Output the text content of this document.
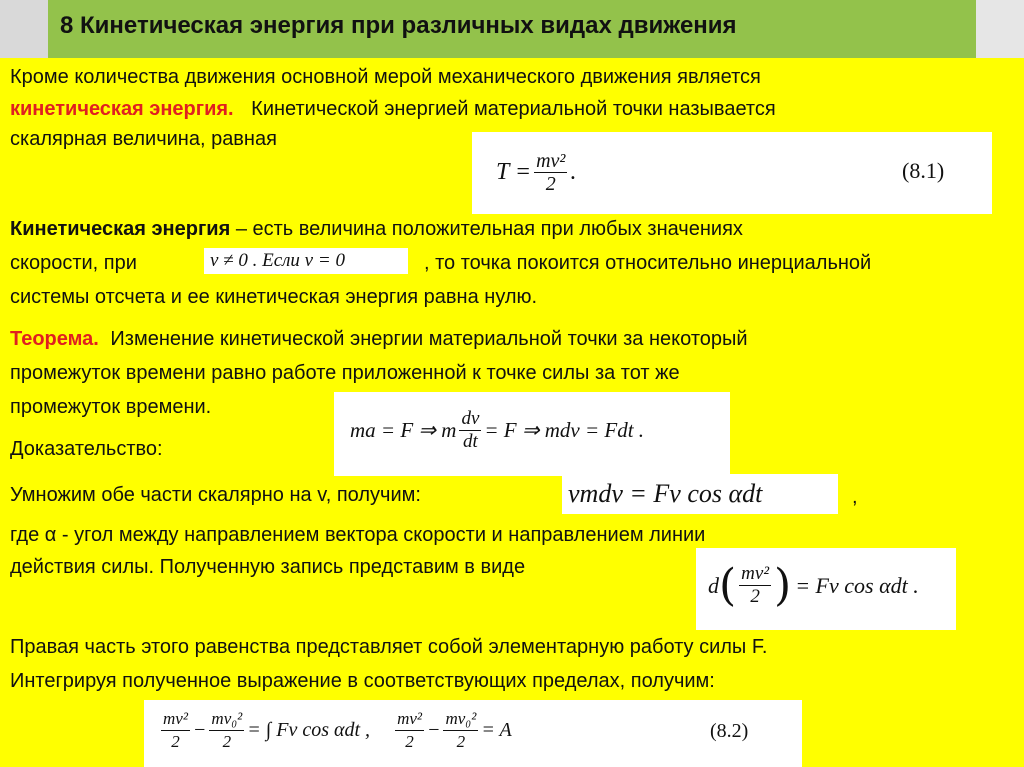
8 Кинетическая энергия при различных видах движения
Кроме количества движения основной мерой механического движения является
кинетическая энергия. Кинетической энергией материальной точки называется
скалярная величина, равная
$T = \frac{\text{mv²}}{2}$ .	(8.1)
Кинетическая энергия – есть величина положительная при любых значениях
скорости, при	v ≠ 0 . Если v = 0	, то точка покоится относительно инерциальной
системы отсчета и ее кинетическая энергия равна нулю.
Теорема. Изменение кинетической энергии материальной точки за некоторый
промежуток времени равно работе приложенной к точке силы за тот же
промежуток времени.
ma = F ⇒ m $\frac{dv}{dt} = F$ ⇒ mdv = Fdt .
Доказательство:
Умножим обе части скалярно на v, получим:	vmdv = Fv cos αdt	,
где α - угол между направлением вектора скорости и направлением линии
действия силы. Полученную запись представим в виде
d ( $\frac{\text{mv²}}{2}$ ) = Fv cos αdt .
Правая часть этого равенства представляет собой элементарную работу силы F.
Интегрируя полученное выражение в соответствующих пределах, получим:
$\frac{\text{mv²}}{2} - \frac{\text{mv₀²}}{2}$ = ∫ Fv cos αdt , $\frac{\text{mv²}}{2} - \frac{\text{mv₀²}}{2} = A$	(8.2)
